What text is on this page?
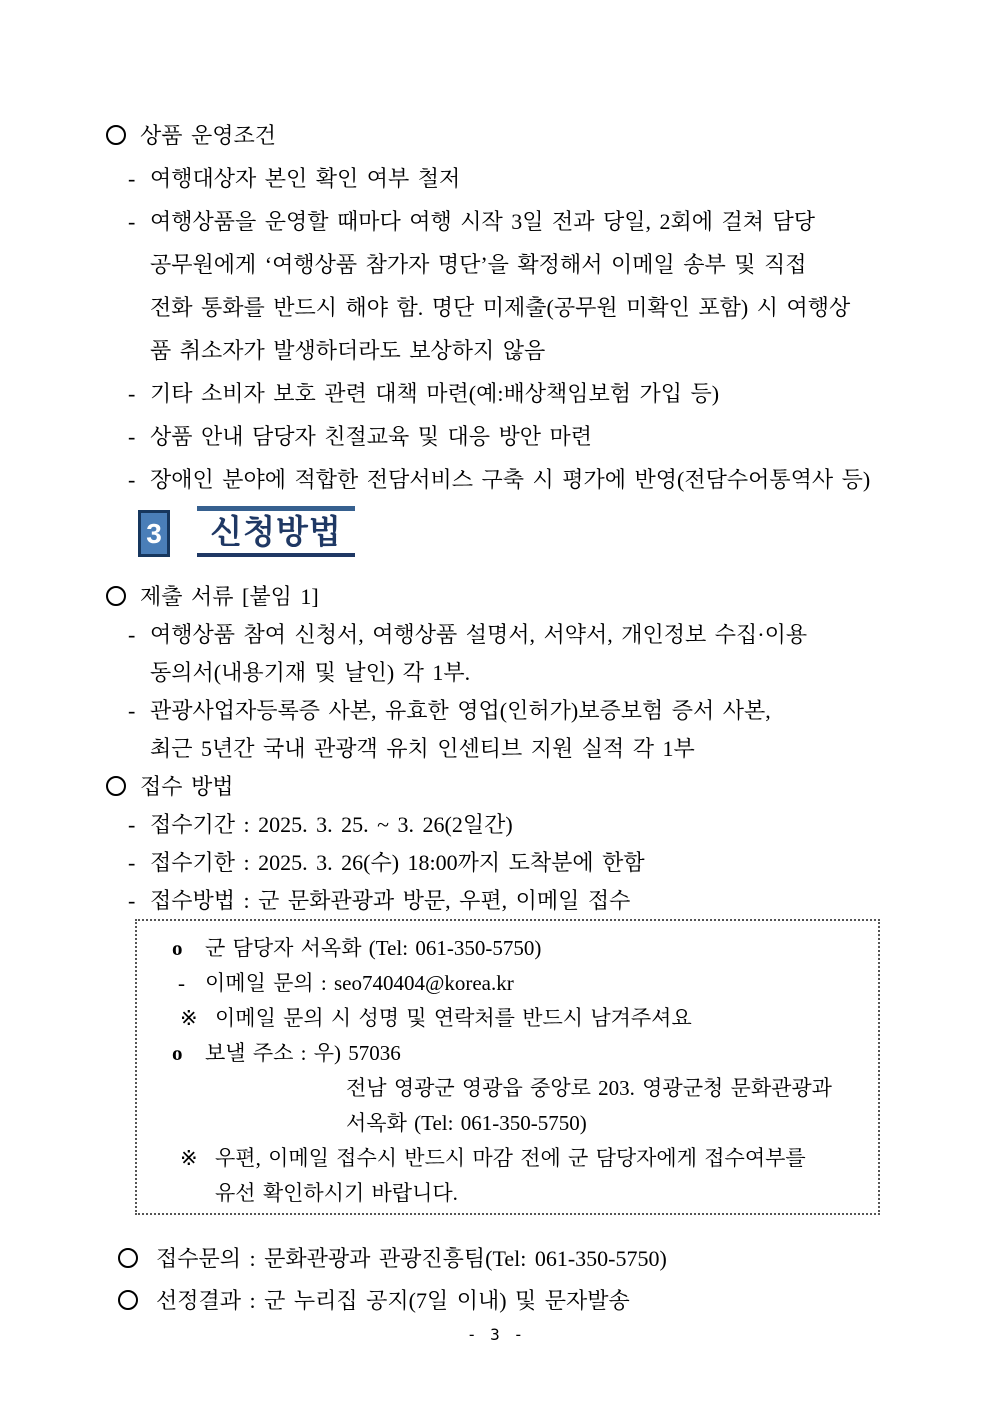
상품 운영조건
- 여행대상자 본인 확인 여부 철저
- 여행상품을 운영할 때마다 여행 시작 3일 전과 당일, 2회에 걸쳐 담당
공무원에게 ‘여행상품 참가자 명단’을 확정해서 이메일 송부 및 직접
전화 통화를 반드시 해야 함. 명단 미제출(공무원 미확인 포함) 시 여행상
품 취소자가 발생하더라도 보상하지 않음
- 기타 소비자 보호 관련 대책 마련(예:배상책임보험 가입 등)
- 상품 안내 담당자 친절교육 및 대응 방안 마련
- 장애인 분야에 적합한 전담서비스 구축 시 평가에 반영(전담수어통역사 등)
3	신청방법
제출 서류 [붙임 1]
- 여행상품 참여 신청서, 여행상품 설명서, 서약서, 개인정보 수집·이용
동의서(내용기재 및 날인) 각 1부.
- 관광사업자등록증 사본, 유효한 영업(인허가)보증보험 증서 사본,
최근 5년간 국내 관광객 유치 인센티브 지원 실적 각 1부
접수 방법
- 접수기간 : 2025. 3. 25. ~ 3. 26(2일간)
- 접수기한 : 2025. 3. 26(수) 18:00까지 도착분에 한함
- 접수방법 : 군 문화관광과 방문, 우편, 이메일 접수
o 군 담당자 서옥화 (Tel: 061-350-5750)
- 이메일 문의 : seo740404@korea.kr
※ 이메일 문의 시 성명 및 연락처를 반드시 남겨주셔요
o 보낼 주소 : 우) 57036
전남 영광군 영광읍 중앙로 203. 영광군청 문화관광과
서옥화 (Tel: 061-350-5750)
※ 우편, 이메일 접수시 반드시 마감 전에 군 담당자에게 접수여부를
유선 확인하시기 바랍니다.
접수문의 : 문화관광과 관광진흥팀(Tel: 061-350-5750)
선정결과 : 군 누리집 공지(7일 이내) 및 문자발송
- 3 -
